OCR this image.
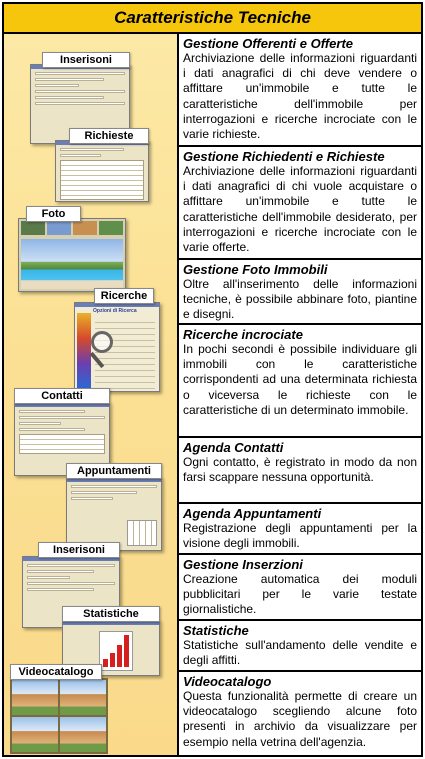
Caratteristiche Tecniche
Inserisoni
Richieste
Foto
Opzioni di Ricerca
Ricerche
Contatti
Appuntamenti
Inserisoni
Statistiche
Videocatalogo
Gestione Offerenti e Offerte
Archiviazione delle informazioni riguardanti i dati anagrafici di chi deve vendere o affittare un'immobile e tutte le caratteristiche dell'immobile per interrogazioni e ricerche incrociate con le varie richieste.
Gestione Richiedenti e Richieste
Archiviazione delle informazioni riguardanti i dati anagrafici di chi vuole acquistare o affittare un'immobile e tutte le caratteristiche dell'immobile desiderato, per interrogazioni e ricerche incrociate con le varie offerte.
Gestione Foto Immobili
Oltre all'inserimento delle informazioni tecniche, è possibile abbinare foto, piantine e disegni.
Ricerche incrociate
In pochi secondi è possibile individuare gli immobili con le caratteristiche corrispondenti ad una determinata richiesta o viceversa le richieste con le caratteristiche di un determinato immobile.
Agenda Contatti
Ogni contatto, è registrato in modo da non farsi scappare nessuna opportunità.
Agenda Appuntamenti
Registrazione degli appuntamenti per la visione degli immobili.
Gestione Inserzioni
Creazione automatica dei moduli pubblicitari per le varie testate giornalistiche.
Statistiche
Statistiche sull'andamento delle vendite e degli affitti.
Videocatalogo
Questa funzionalità permette di creare un videocatalogo scegliendo alcune foto presenti in archivio da visualizzare per esempio nella vetrina dell'agenzia.
